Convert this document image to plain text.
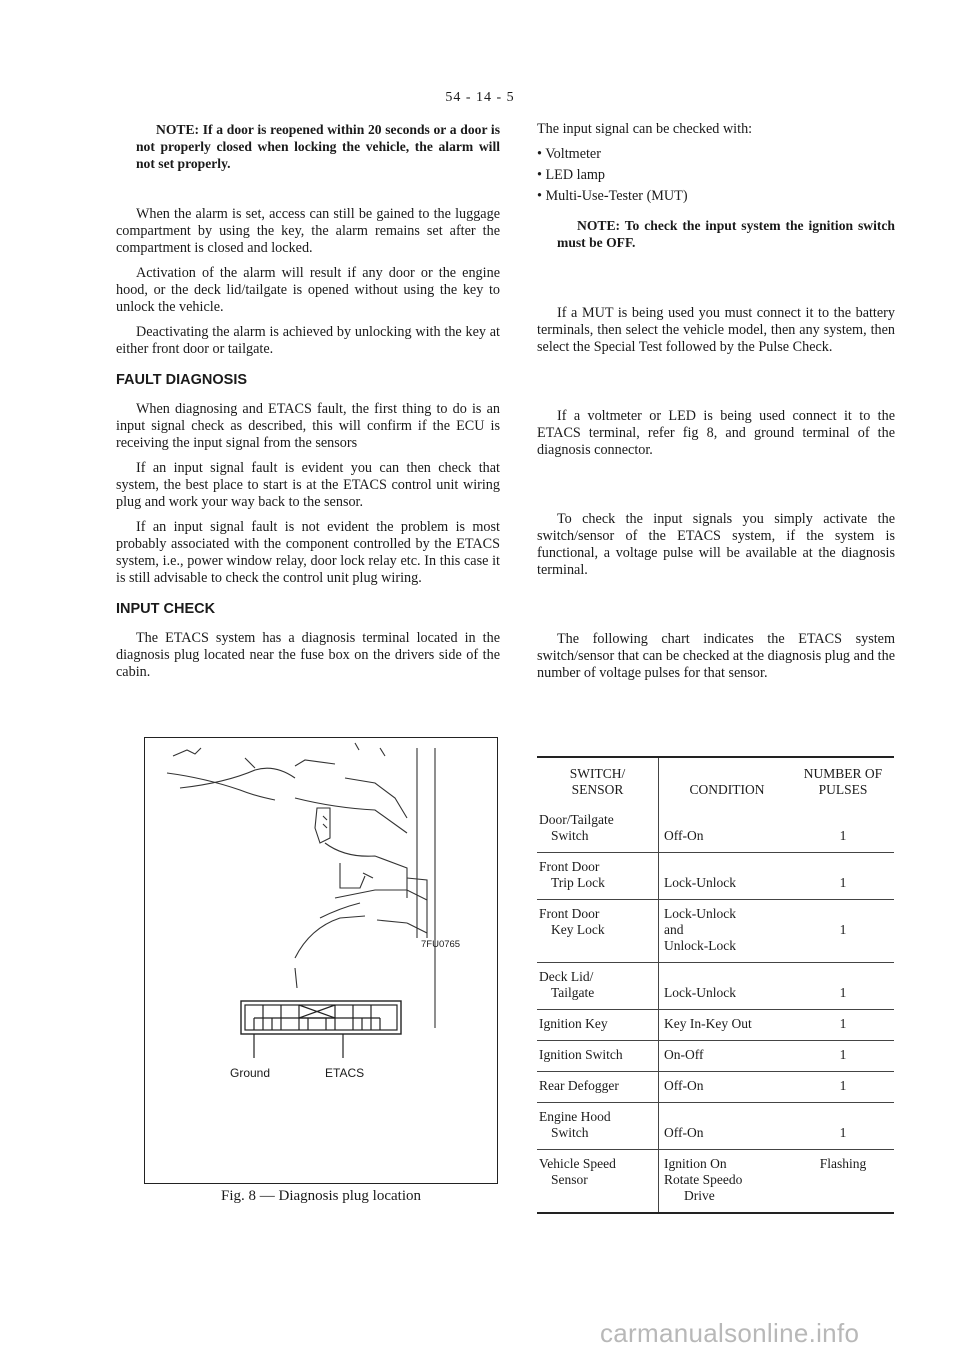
54 - 14 - 5

NOTE: If a door is reopened within 20 seconds or a door is not properly closed when locking the vehicle, the alarm will not set properly.

When the alarm is set, access can still be gained to the luggage compartment by using the key, the alarm remains set after the compartment is closed and locked.

Activation of the alarm will result if any door or the engine hood, or the deck lid/tailgate is opened without using the key to unlock the vehicle.

Deactivating the alarm is achieved by unlocking with the key at either front door or tailgate.

FAULT DIAGNOSIS

When diagnosing and ETACS fault, the first thing to do is an input signal check as described, this will confirm if the ECU is receiving the input signal from the sensors

If an input signal fault is evident you can then check that system, the best place to start is at the ETACS control unit wiring plug and work your way back to the sensor.

If an input signal fault is not evident the problem is most probably associated with the component controlled by the ETACS system, i.e., power window relay, door lock relay etc. In this case it is still advisable to check the control unit plug wiring.

INPUT CHECK

The ETACS system has a diagnosis terminal located in the diagnosis plug located near the fuse box on the drivers side of the cabin.

The input signal can be checked with:

• Voltmeter
• LED lamp
• Multi-Use-Tester (MUT)

NOTE: To check the input system the ignition switch must be OFF.

If a MUT is being used you must connect it to the battery terminals, then select the vehicle model, then any system, then select the Special Test followed by the Pulse Check.

If a voltmeter or LED is being used connect it to the ETACS terminal, refer fig 8, and ground terminal of the diagnosis connector.

To check the input signals you simply activate the switch/sensor of the ETACS system, if the system is functional, a voltage pulse will be available at the diagnosis terminal.

The following chart indicates the ETACS system switch/sensor that can be checked at the diagnosis plug and the number of voltage pulses for that sensor.

7FU0765
Ground	ETACS
Fig. 8 — Diagnosis plug location
SWITCH/
SENSOR	CONDITION	NUMBER OF
PULSES

Door/Tailgate
Switch	Off-On	1

Front Door
Trip Lock	Lock-Unlock	1

Front Door
Key Lock	Lock-Unlock
and
Unlock-Lock	1

Deck Lid/
Tailgate	Lock-Unlock	1

Ignition Key	Key In-Key Out	1

Ignition Switch	On-Off	1

Rear Defogger	Off-On	1

Engine Hood
Switch	Off-On	1

Vehicle Speed
Sensor	Ignition On
Rotate Speedo
Drive	Flashing
carmanualsonline.info
